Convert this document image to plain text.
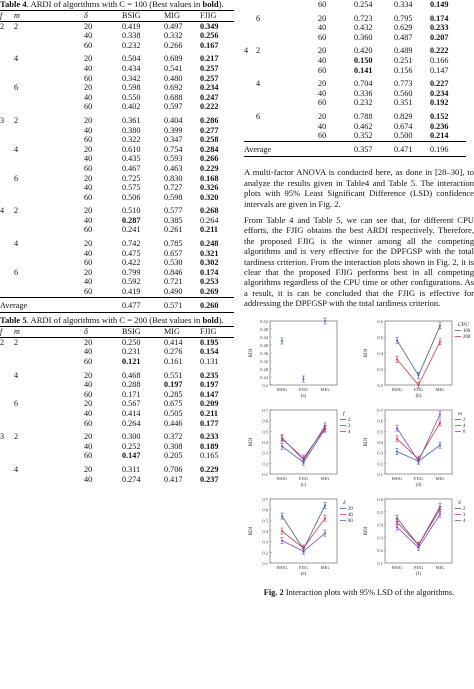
Table 4. ARDI of algorithms with C = 100 (Best values in bold).
f	m	δ	BSIG	MIG	FJIG
2	2	20	0.419	0.497	0.349
		40	0.338	0.332	0.256
		60	0.232	0.266	0.167
	4	20	0.504	0.689	0.217
		40	0.434	0.541	0.257
		60	0.342	0.480	0.257
	6	20	0.598	0.692	0.234
		40	0.550	0.688	0.247
		60	0.402	0.597	0.222
3	2	20	0.361	0.404	0.286
		40	0.380	0.399	0.277
		60	0.322	0.347	0.258
	4	20	0.610	0.754	0.284
		40	0.435	0.593	0.266
		60	0.467	0.463	0.229
	6	20	0.725	0.830	0.168
		40	0.575	0.727	0.326
		60	0.506	0.598	0.320
4	2	20	0.510	0.577	0.268
		40	0.287	0.385	0.264
		60	0.241	0.261	0.211
	4	20	0.742	0.785	0.248
		40	0.475	0.657	0.321
		60	0.422	0.530	0.302
	6	20	0.799	0.846	0.174
		40	0.592	0.721	0.253
		60	0.419	0.490	0.269
Average			0.477	0.571	0.260

Table 5. ARDI of algorithms with C = 200 (Best values in bold).
f	m	δ	BSIG	MIG	FJIG
2	2	20	0.250	0.414	0.195
		40	0.231	0.276	0.154
		60	0.121	0.161	0.131
	4	20	0.468	0.551	0.235
		40	0.288	0.197	0.197
		60	0.171	0.285	0.147
	6	20	0.567	0.675	0.209
		40	0.414	0.505	0.211
		60	0.264	0.446	0.177
3	2	20	0.300	0.372	0.233
		40	0.252	0.308	0.189
		60	0.147	0.205	0.165
	4	20	0.311	0.706	0.229
		40	0.274	0.417	0.237
		60	0.254	0.334	0.149
	6	20	0.723	0.795	0.174
		40	0.432	0.629	0.233
		60	0.360	0.487	0.207
4	2	20	0.420	0.489	0.222
		40	0.150	0.251	0.166
		60	0.141	0.156	0.147
	4	20	0.704	0.773	0.227
		40	0.336	0.560	0.234
		60	0.232	0.351	0.192
	6	20	0.788	0.829	0.152
		40	0.462	0.674	0.236
		60	0.352	0.500	0.214
Average			0.357	0.471	0.196

A multi-factor ANOVA is conducted here, as done in [28–30], to analyze the results given in Table4 and Table 5. The interaction plots with 95% Least Significant Difference (LSD) confidence intervals are given in Fig. 2.

From Table 4 and Table 5, we can see that, for different CPU efforts, the FJIG obtains the best ARDI respectively. Therefore, the proposed FJIG is the winner among all the competing algorithms and is very effective for the DPFGSP with the total tardiness criterion. From the interaction plots shown in Fig. 2, it is clear that the proposed FJIG performs best in all competing algorithms regardless of the CPU time or other configurations. As a result, it is can be concluded that the FJIG is effective for addressing the DPFGSP with the total tardiness criterion.

0.52
0.48
0.44
0.40
0.36
0.32
0.28
0.24
0.2
RDI
BSIG	FJIG	MIG
(a)
0.6
0.5
0.4
0.3
0.2
RDI
BSIG	FJIG	MIG
(b)
CPU
100
200
0.7
0.6
0.5
0.4
0.3
0.2
0.1
RDI
BSIG	FJIG	MIG
(c)
f
2
3
4
0.7
0.6
0.5
0.4
0.3
0.2
0.1
RDI
BSIG	FJIG	MIG
(d)
m
2
4
6
0.7
0.6
0.5
0.4
0.3
0.2
0.1
RDI
BSIG	FJIG	MIG
(e)
δ
20
40
60
0.6
0.5
0.4
0.3
0.2
0.1
RDI
BSIG	FJIG	MIG
(f)
S
2
3
4
Fig. 2 Interaction plots with 95% LSD of the algorithms.
